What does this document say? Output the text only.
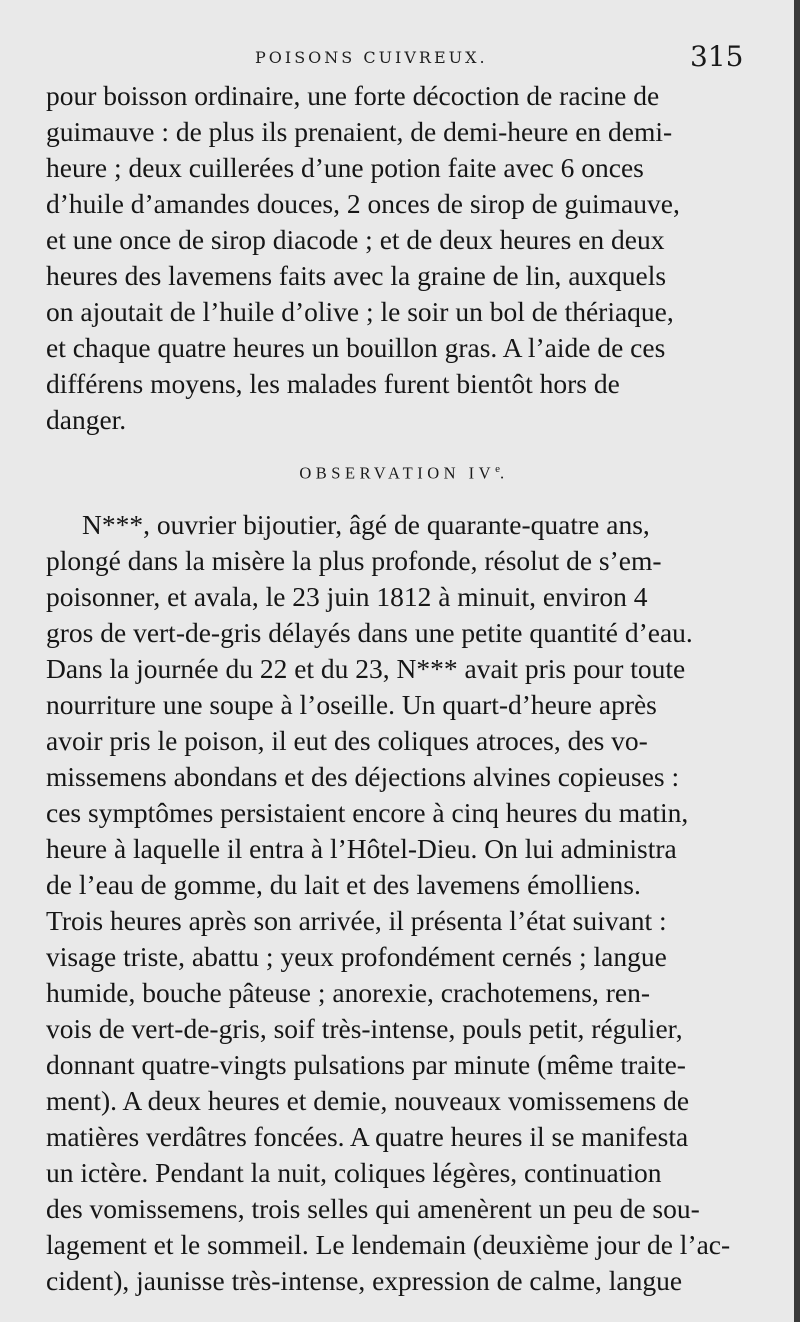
POISONS CUIVREUX.	315

pour boisson ordinaire, une forte décoction de racine de

guimauve : de plus ils prenaient, de demi-heure en demi-

heure ; deux cuillerées d’une potion faite avec 6 onces

d’huile d’amandes douces, 2 onces de sirop de guimauve,

et une once de sirop diacode ; et de deux heures en deux

heures des lavemens faits avec la graine de lin, auxquels

on ajoutait de l’huile d’olive ; le soir un bol de thériaque,

et chaque quatre heures un bouillon gras. A l’aide de ces

différens moyens, les malades furent bientôt hors de

danger.

OBSERVATION IVe.

N***, ouvrier bijoutier, âgé de quarante-quatre ans,

plongé dans la misère la plus profonde, résolut de s’em-

poisonner, et avala, le 23 juin 1812 à minuit, environ 4

gros de vert-de-gris délayés dans une petite quantité d’eau.

Dans la journée du 22 et du 23, N*** avait pris pour toute

nourriture une soupe à l’oseille. Un quart-d’heure après

avoir pris le poison, il eut des coliques atroces, des vo-

missemens abondans et des déjections alvines copieuses :

ces symptômes persistaient encore à cinq heures du matin,

heure à laquelle il entra à l’Hôtel-Dieu. On lui administra

de l’eau de gomme, du lait et des lavemens émolliens.

Trois heures après son arrivée, il présenta l’état suivant :

visage triste, abattu ; yeux profondément cernés ; langue

humide, bouche pâteuse ; anorexie, crachotemens, ren-

vois de vert-de-gris, soif très-intense, pouls petit, régulier,

donnant quatre-vingts pulsations par minute (même traite-

ment). A deux heures et demie, nouveaux vomissemens de

matières verdâtres foncées. A quatre heures il se manifesta

un ictère. Pendant la nuit, coliques légères, continuation

des vomissemens, trois selles qui amenèrent un peu de sou-

lagement et le sommeil. Le lendemain (deuxième jour de l’ac-

cident), jaunisse très-intense, expression de calme, langue
